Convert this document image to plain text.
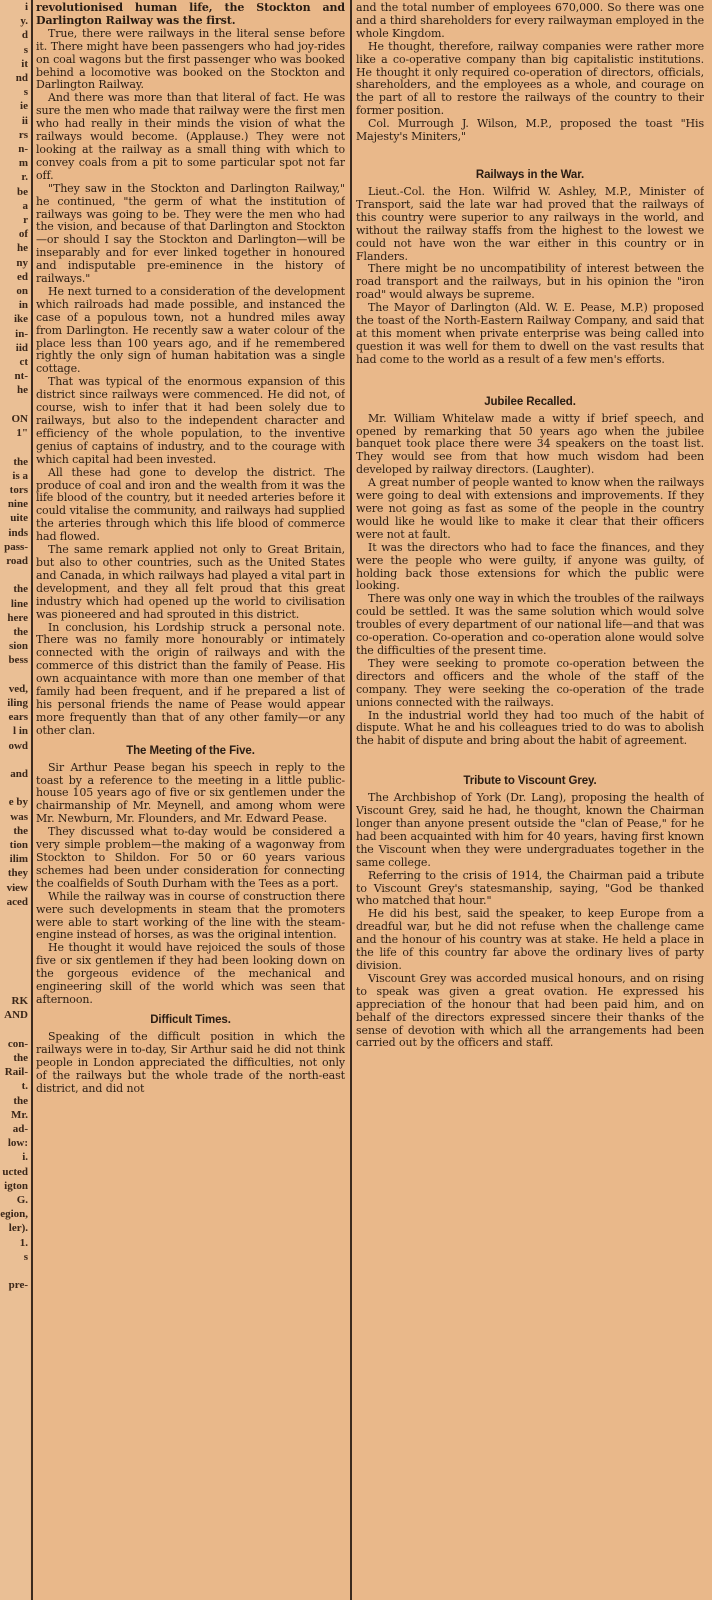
i
y.
d
s
it
nd
s
ie
ii
rs
n-
m
r.
be
a
r
of
he
ny
ed
on
in
ike
in-
iid
ct
nt-
he

ON
1"

the
is a
tors
nine
uite
inds
pass-
road

the
line
here
the
sion
bess

ved,
iling
ears
l in
owd

and

e by
was
the
tion
ilim
they
view
aced

RK
AND

con-
the
Rail-
t.
the
Mr.
ad-
low:
i.
ucted
igton
G.
egion,
ler).
1.
s

pre-

revolutionised human life, the Stockton and Darlington Railway was the first.

True, there were railways in the literal sense before it. There might have been passengers who had joy-rides on coal wagons but the first passenger who was booked behind a locomotive was booked on the Stockton and Darlington Railway.

And there was more than that literal of fact. He was sure the men who made that railway were the first men who had really in their minds the vision of what the railways would become. (Applause.) They were not looking at the railway as a small thing with which to convey coals from a pit to some particular spot not far off.

"They saw in the Stockton and Darlington Railway," he continued, "the germ of what the institution of railways was going to be. They were the men who had the vision, and because of that Darlington and Stockton—or should I say the Stockton and Darlington—will be inseparably and for ever linked together in honoured and indisputable pre-eminence in the history of railways."

He next turned to a consideration of the development which railroads had made possible, and instanced the case of a populous town, not a hundred miles away from Darlington. He recently saw a water colour of the place less than 100 years ago, and if he remembered rightly the only sign of human habitation was a single cottage.

That was typical of the enormous expansion of this district since railways were commenced. He did not, of course, wish to infer that it had been solely due to railways, but also to the independent character and efficiency of the whole population, to the inventive genius of captains of industry, and to the courage with which capital had been invested.

All these had gone to develop the district. The produce of coal and iron and the wealth from it was the life blood of the country, but it needed arteries before it could vitalise the community, and railways had supplied the arteries through which this life blood of commerce had flowed.

The same remark applied not only to Great Britain, but also to other countries, such as the United States and Canada, in which railways had played a vital part in development, and they all felt proud that this great industry which had opened up the world to civilisation was pioneered and had sprouted in this district.

In conclusion, his Lordship struck a personal note. There was no family more honourably or intimately connected with the origin of railways and with the commerce of this district than the family of Pease. His own acquaintance with more than one member of that family had been frequent, and if he prepared a list of his personal friends the name of Pease would appear more frequently than that of any other family—or any other clan.

The Meeting of the Five.

Sir Arthur Pease began his speech in reply to the toast by a reference to the meeting in a little public-house 105 years ago of five or six gentlemen under the chairmanship of Mr. Meynell, and among whom were Mr. Newburn, Mr. Flounders, and Mr. Edward Pease.

They discussed what to-day would be considered a very simple problem—the making of a wagonway from Stockton to Shildon. For 50 or 60 years various schemes had been under consideration for connecting the coalfields of South Durham with the Tees as a port.

While the railway was in course of construction there were such developments in steam that the promoters were able to start working of the line with the steam-engine instead of horses, as was the original intention.

He thought it would have rejoiced the souls of those five or six gentlemen if they had been looking down on the gorgeous evidence of the mechanical and engineering skill of the world which was seen that afternoon.

Difficult Times.

Speaking of the difficult position in which the railways were in to-day, Sir Arthur said he did not think people in London appreciated the difficulties, not only of the railways but the whole trade of the north-east district, and did not

and the total number of employees 670,000. So there was one and a third shareholders for every railwayman employed in the whole Kingdom.

He thought, therefore, railway companies were rather more like a co-operative company than big capitalistic institutions. He thought it only required co-operation of directors, officials, shareholders, and the employees as a whole, and courage on the part of all to restore the railways of the country to their former position.

Col. Murrough J. Wilson, M.P., proposed the toast "His Majesty's Miniters,"

Railways in the War.

Lieut.-Col. the Hon. Wilfrid W. Ashley, M.P., Minister of Transport, said the late war had proved that the railways of this country were superior to any railways in the world, and without the railway staffs from the highest to the lowest we could not have won the war either in this country or in Flanders.

There might be no uncompatibility of interest between the road transport and the railways, but in his opinion the "iron road" would always be supreme.

The Mayor of Darlington (Ald. W. E. Pease, M.P.) proposed the toast of the North-Eastern Railway Company, and said that at this moment when private enterprise was being called into question it was well for them to dwell on the vast results that had come to the world as a result of a few men's efforts.

Jubilee Recalled.

Mr. William Whitelaw made a witty if brief speech, and opened by remarking that 50 years ago when the jubilee banquet took place there were 34 speakers on the toast list. They would see from that how much wisdom had been developed by railway directors. (Laughter).

A great number of people wanted to know when the railways were going to deal with extensions and improvements. If they were not going as fast as some of the people in the country would like he would like to make it clear that their officers were not at fault.

It was the directors who had to face the finances, and they were the people who were guilty, if anyone was guilty, of holding back those extensions for which the public were looking.

There was only one way in which the troubles of the railways could be settled. It was the same solution which would solve troubles of every department of our national life—and that was co-operation. Co-operation and co-operation alone would solve the difficulties of the present time.

They were seeking to promote co-operation between the directors and officers and the whole of the staff of the company. They were seeking the co-operation of the trade unions connected with the railways.

In the industrial world they had too much of the habit of dispute. What he and his colleagues tried to do was to abolish the habit of dispute and bring about the habit of agreement.

Tribute to Viscount Grey.

The Archbishop of York (Dr. Lang), proposing the health of Viscount Grey, said he had, he thought, known the Chairman longer than anyone present outside the "clan of Pease," for he had been acquainted with him for 40 years, having first known the Viscount when they were undergraduates together in the same college.

Referring to the crisis of 1914, the Chairman paid a tribute to Viscount Grey's statesmanship, saying, "God be thanked who matched that hour."

He did his best, said the speaker, to keep Europe from a dreadful war, but he did not refuse when the challenge came and the honour of his country was at stake. He held a place in the life of this country far above the ordinary lives of party division.

Viscount Grey was accorded musical honours, and on rising to speak was given a great ovation. He expressed his appreciation of the honour that had been paid him, and on behalf of the directors expressed sincere their thanks of the sense of devotion with which all the arrangements had been carried out by the officers and staff.
